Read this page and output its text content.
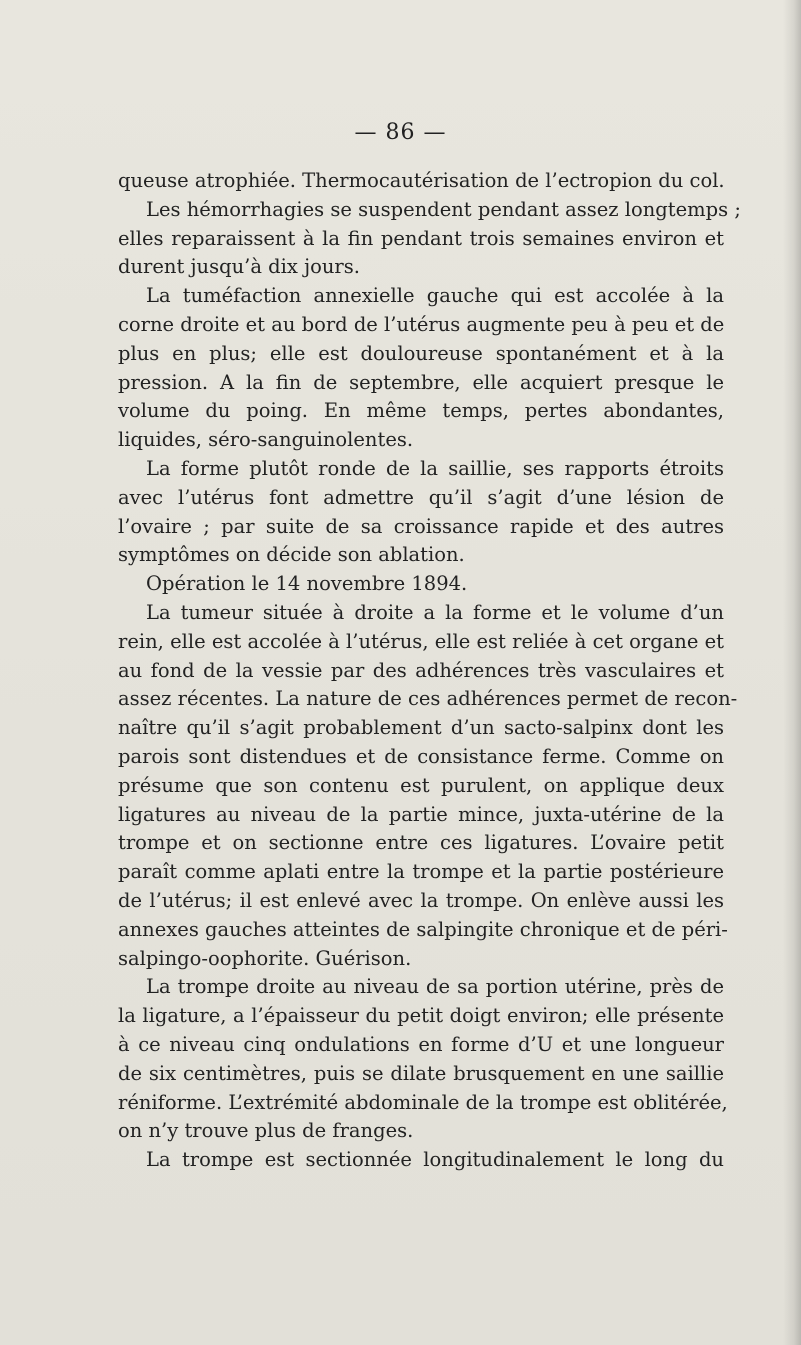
— 86 —
queuse atrophiée. Thermocautérisation de l’ectropion du col.
Les hémorrhagies se suspendent pendant assez longtemps ;
elles reparaissent à la fin pendant trois semaines environ et
durent jusqu’à dix jours.
La tuméfaction annexielle gauche qui est accolée à la
corne droite et au bord de l’utérus augmente peu à peu et de
plus en plus; elle est douloureuse spontanément et à la
pression. A la fin de septembre, elle acquiert presque le
volume du poing. En même temps, pertes abondantes,
liquides, séro-sanguinolentes.
La forme plutôt ronde de la saillie, ses rapports étroits
avec l’utérus font admettre qu’il s’agit d’une lésion de
l’ovaire ; par suite de sa croissance rapide et des autres
symptômes on décide son ablation.
Opération le 14 novembre 1894.
La tumeur située à droite a la forme et le volume d’un
rein, elle est accolée à l’utérus, elle est reliée à cet organe et
au fond de la vessie par des adhérences très vasculaires et
assez récentes. La nature de ces adhérences permet de recon-
naître qu’il s’agit probablement d’un sacto-salpinx dont les
parois sont distendues et de consistance ferme. Comme on
présume que son contenu est purulent, on applique deux
ligatures au niveau de la partie mince, juxta-utérine de la
trompe et on sectionne entre ces ligatures. L’ovaire petit
paraît comme aplati entre la trompe et la partie postérieure
de l’utérus; il est enlevé avec la trompe. On enlève aussi les
annexes gauches atteintes de salpingite chronique et de péri-
salpingo-oophorite. Guérison.
La trompe droite au niveau de sa portion utérine, près de
la ligature, a l’épaisseur du petit doigt environ; elle présente
à ce niveau cinq ondulations en forme d’U et une longueur
de six centimètres, puis se dilate brusquement en une saillie
réniforme. L’extrémité abdominale de la trompe est oblitérée,
on n’y trouve plus de franges.
La trompe est sectionnée longitudinalement le long du
